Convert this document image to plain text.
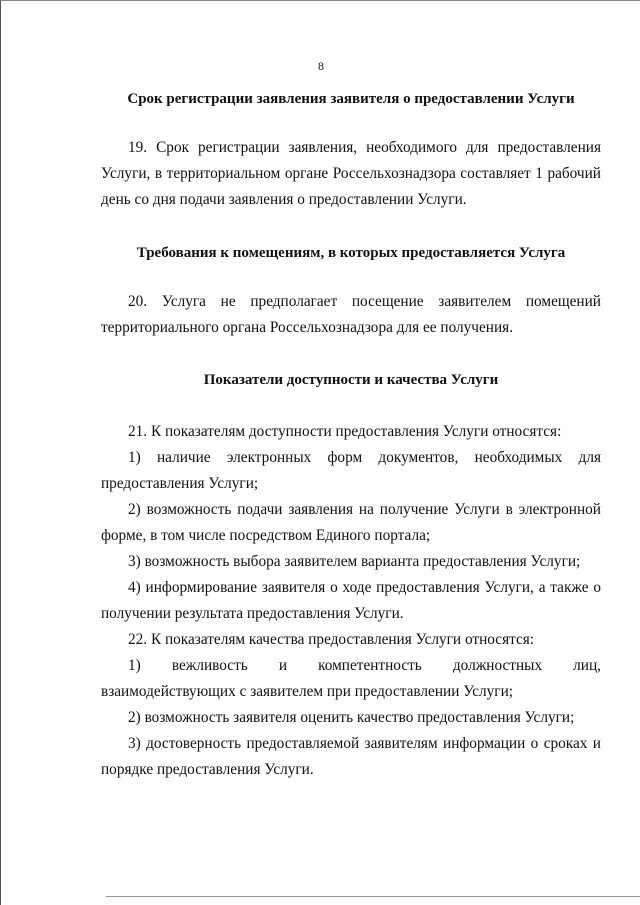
8
Срок регистрации заявления заявителя о предоставлении Услуги

19. Срок регистрации заявления, необходимого для предоставления Услуги, в территориальном органе Россельхознадзора составляет 1 рабочий день со дня подачи заявления о предоставлении Услуги.

Требования к помещениям, в которых предоставляется Услуга

20. Услуга не предполагает посещение заявителем помещений территориального органа Россельхознадзора для ее получения.

Показатели доступности и качества Услуги

21. К показателям доступности предоставления Услуги относятся:

1) наличие электронных форм документов, необходимых для предоставления Услуги;

2) возможность подачи заявления на получение Услуги в электронной форме, в том числе посредством Единого портала;

3) возможность выбора заявителем варианта предоставления Услуги;

4) информирование заявителя о ходе предоставления Услуги, а также о получении результата предоставления Услуги.

22. К показателям качества предоставления Услуги относятся:

1) вежливость и компетентность должностных лиц, взаимодействующих с заявителем при предоставлении Услуги;

2) возможность заявителя оценить качество предоставления Услуги;

3) достоверность предоставляемой заявителям информации о сроках и порядке предоставления Услуги.
